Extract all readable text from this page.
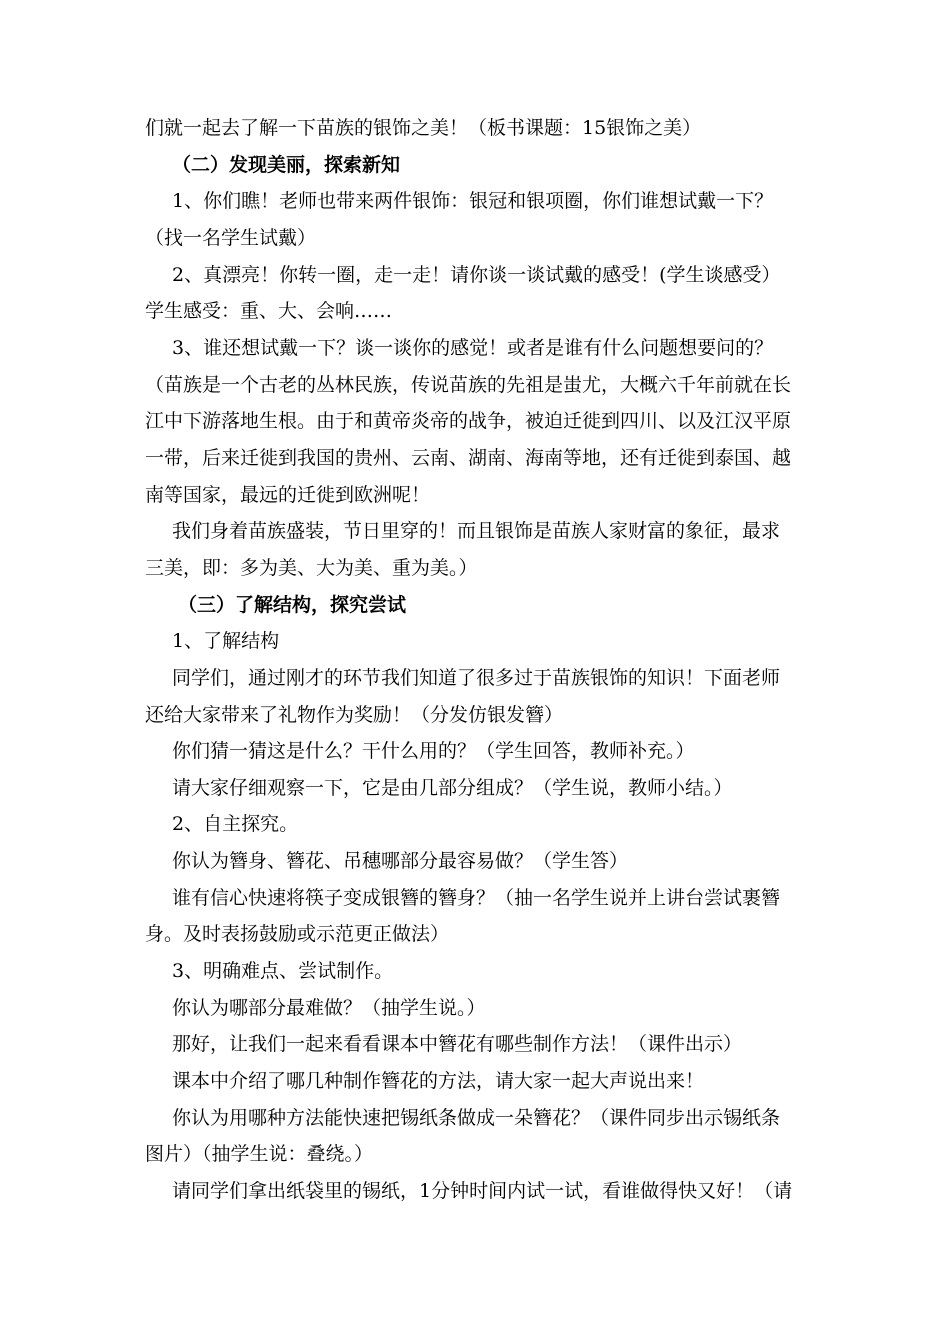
们就一起去了解一下苗族的银饰之美！（板书课题：15银饰之美）
（二）发现美丽，探索新知
1、你们瞧！老师也带来两件银饰：银冠和银项圈，你们谁想试戴一下？
（找一名学生试戴）
2、真漂亮！你转一圈，走一走！请你谈一谈试戴的感受！(学生谈感受）
学生感受：重、大、会响……
3、谁还想试戴一下？谈一谈你的感觉！或者是谁有什么问题想要问的？
（苗族是一个古老的丛林民族，传说苗族的先祖是蚩尤，大概六千年前就在长
江中下游落地生根。由于和黄帝炎帝的战争，被迫迁徙到四川、以及江汉平原
一带，后来迁徙到我国的贵州、云南、湖南、海南等地，还有迁徙到泰国、越
南等国家，最远的迁徙到欧洲呢！
我们身着苗族盛装，节日里穿的！而且银饰是苗族人家财富的象征，最求
三美，即：多为美、大为美、重为美。）
（三）了解结构，探究尝试
1、了解结构
同学们，通过刚才的环节我们知道了很多过于苗族银饰的知识！下面老师
还给大家带来了礼物作为奖励！（分发仿银发簪）
你们猜一猜这是什么？干什么用的？（学生回答，教师补充。）
请大家仔细观察一下，它是由几部分组成？（学生说，教师小结。）
2、自主探究。
你认为簪身、簪花、吊穗哪部分最容易做？（学生答）
谁有信心快速将筷子变成银簪的簪身？（抽一名学生说并上讲台尝试裹簪
身。及时表扬鼓励或示范更正做法）
3、明确难点、尝试制作。
你认为哪部分最难做？（抽学生说。）
那好，让我们一起来看看课本中簪花有哪些制作方法！（课件出示）
课本中介绍了哪几种制作簪花的方法，请大家一起大声说出来！
你认为用哪种方法能快速把锡纸条做成一朵簪花？（课件同步出示锡纸条
图片）（抽学生说：叠绕。）
请同学们拿出纸袋里的锡纸，1分钟时间内试一试，看谁做得快又好！（请
